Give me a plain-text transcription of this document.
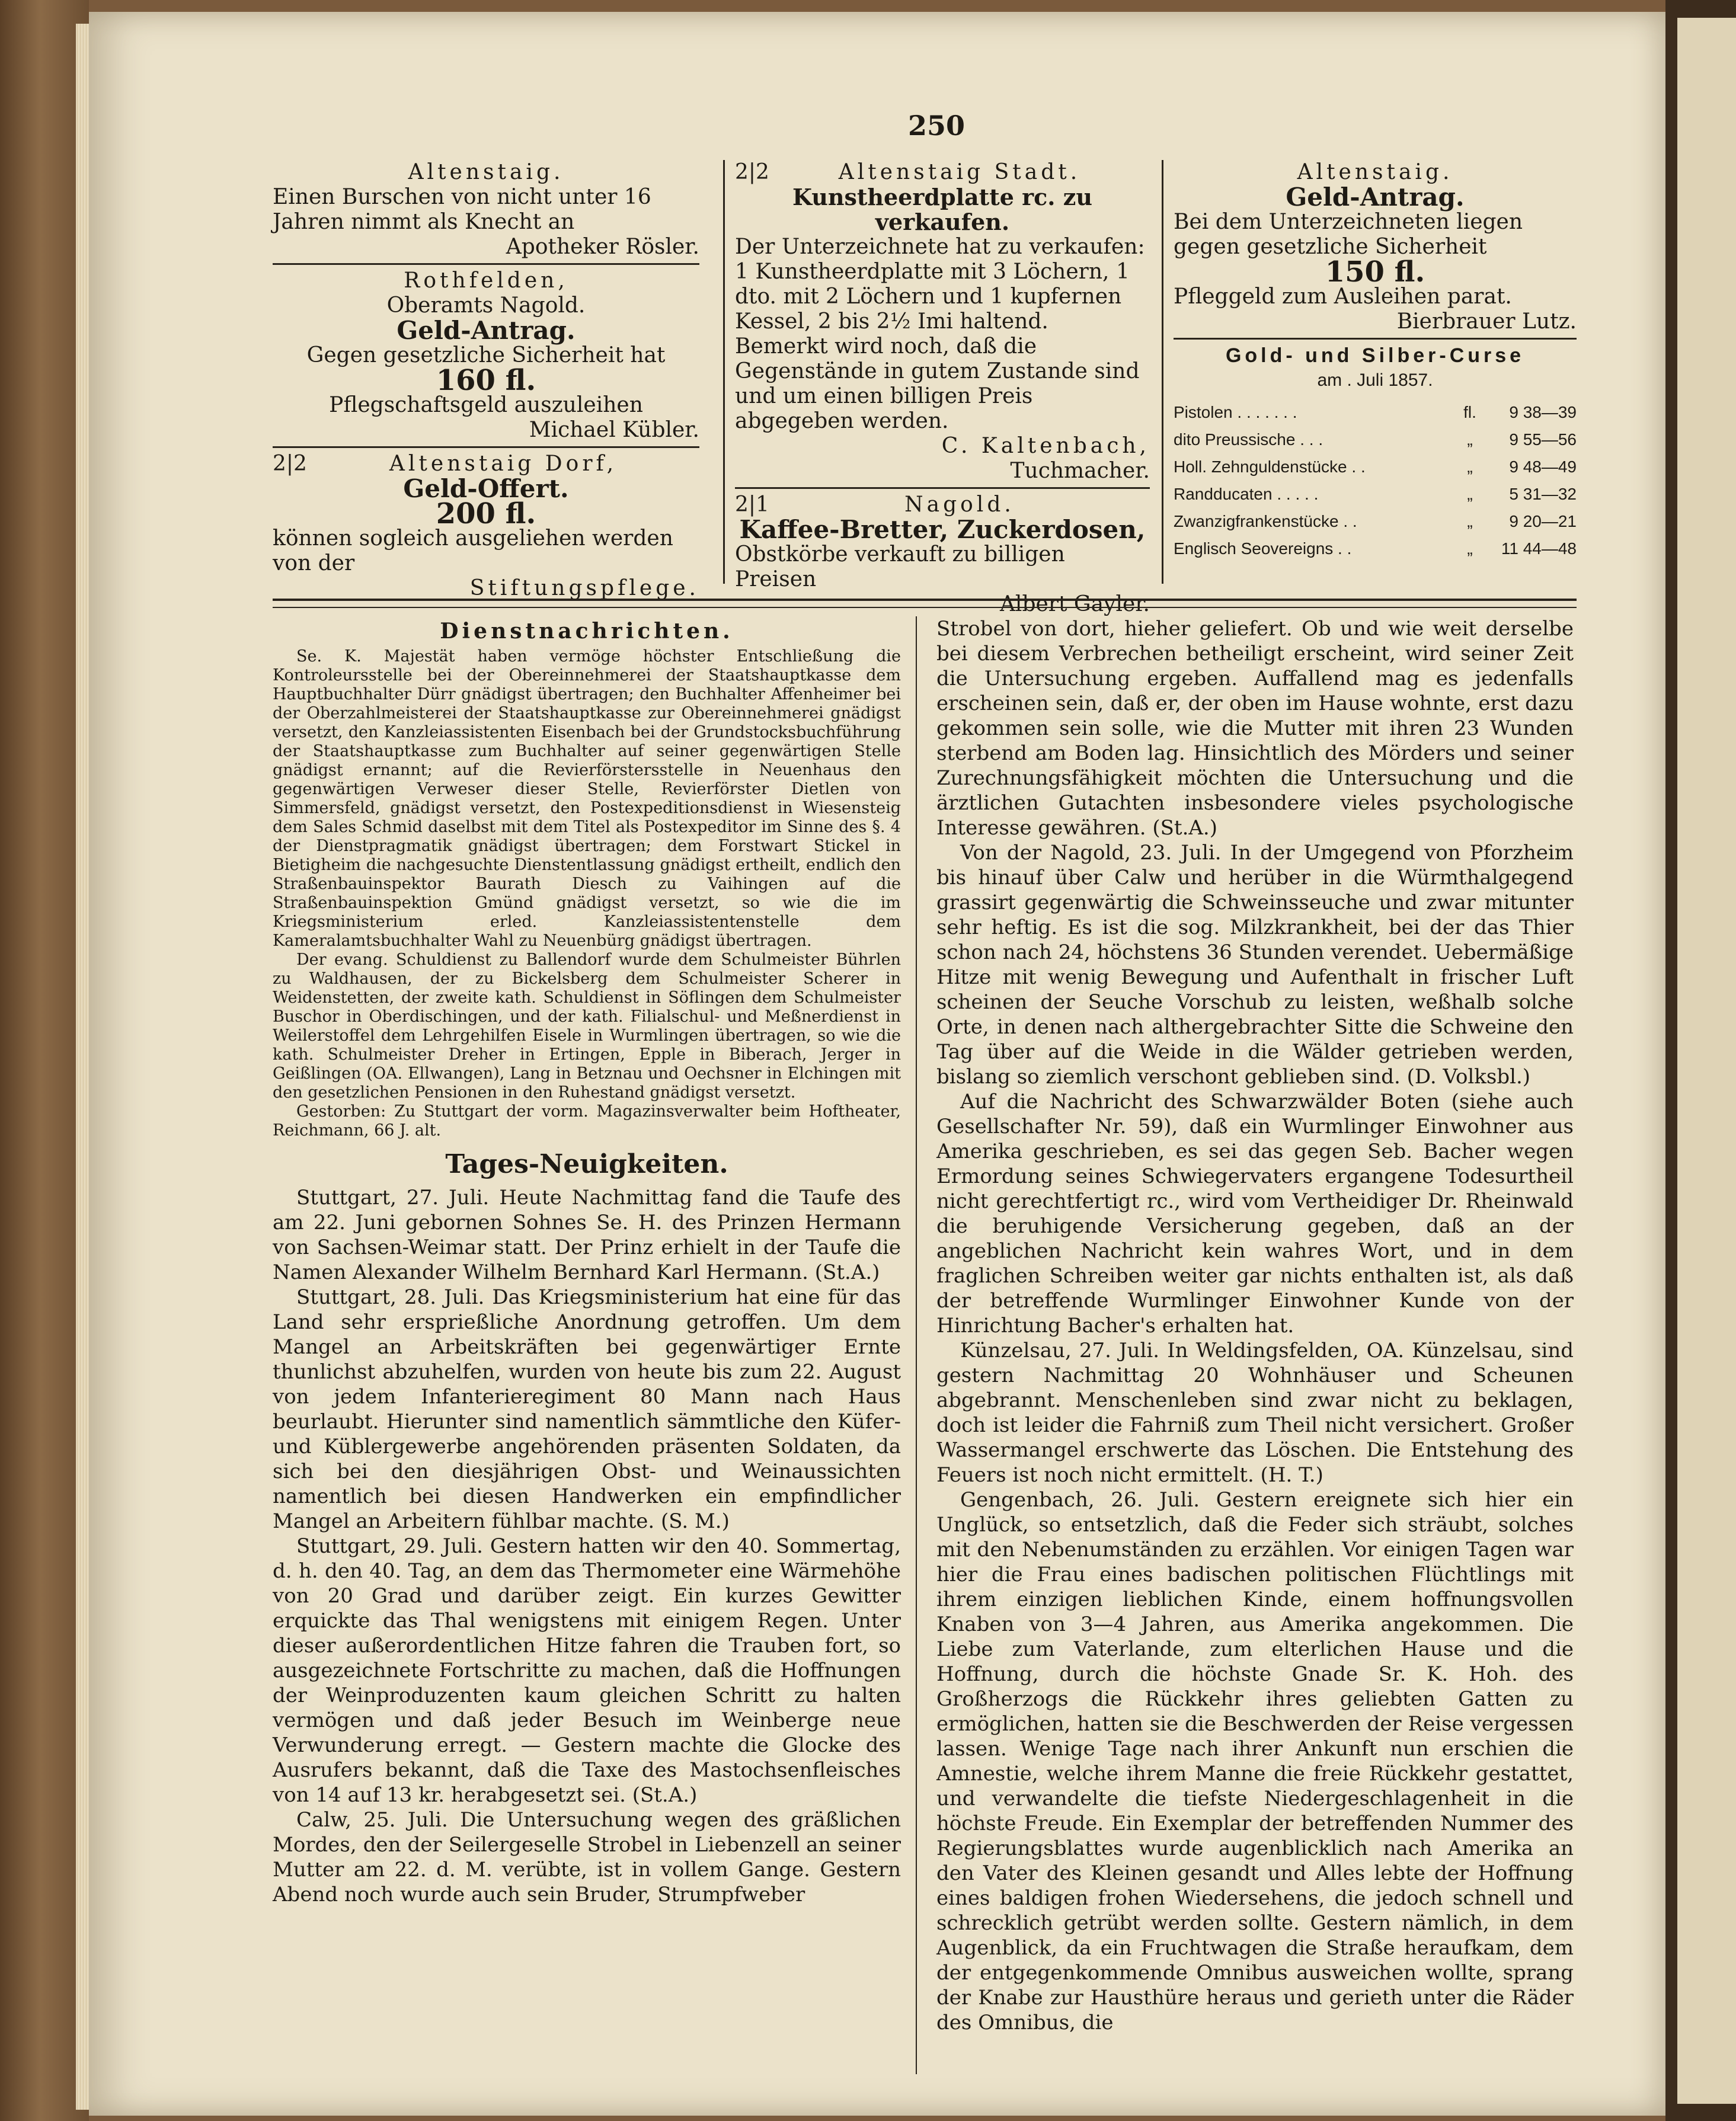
250
Altenstaig.
Einen Burschen von nicht unter 16 Jahren nimmt als Knecht an
Apotheker Rösler.
Rothfelden,
Oberamts Nagold.
Geld-Antrag.
Gegen gesetzliche Sicherheit hat
160 fl.
Pflegschaftsgeld auszuleihen
Michael Kübler.
2|2	Altenstaig Dorf,
Geld-Offert.
200 fl.
können sogleich ausgeliehen werden von der
Stiftungspflege.
2|2	Altenstaig Stadt.
Kunstheerdplatte rc. zu verkaufen.
Der Unterzeichnete hat zu verkaufen: 1 Kunstheerdplatte mit 3 Löchern, 1 dto. mit 2 Löchern und 1 kupfernen Kessel, 2 bis 2½ Imi haltend.
Bemerkt wird noch, daß die Gegenstände in gutem Zustande sind und um einen billigen Preis abgegeben werden.
C. Kaltenbach,
Tuchmacher.
2|1	Nagold.
Kaffee-Bretter, Zuckerdosen,
Obstkörbe verkauft zu billigen Preisen
Albert Gayler.
Altenstaig.
Geld-Antrag.
Bei dem Unterzeichneten liegen gegen gesetzliche Sicherheit
150 fl.
Pfleggeld zum Ausleihen parat.
Bierbrauer Lutz.
Gold- und Silber-Curse
am . Juli 1857.
Pistolen . . . . . . .	fl.	9 38—39
dito Preussische . . .	„	9 55—56
Holl. Zehnguldenstücke . .	„	9 48—49
Randducaten . . . . .	„	5 31—32
Zwanzigfrankenstücke . .	„	9 20—21
Englisch Seovereigns . .	„	11 44—48
Dienstnachrichten.

Se. K. Majestät haben vermöge höchster Entschließung die Kontroleursstelle bei der Obereinnehmerei der Staatshauptkasse dem Hauptbuchhalter Dürr gnädigst übertragen; den Buchhalter Affenheimer bei der Oberzahlmeisterei der Staatshauptkasse zur Obereinnehmerei gnädigst versetzt, den Kanzleiassistenten Eisenbach bei der Grundstocksbuchführung der Staatshauptkasse zum Buchhalter auf seiner gegenwärtigen Stelle gnädigst ernannt; auf die Revierförstersstelle in Neuenhaus den gegenwärtigen Verweser dieser Stelle, Revierförster Dietlen von Simmersfeld, gnädigst versetzt, den Postexpeditionsdienst in Wiesensteig dem Sales Schmid daselbst mit dem Titel als Postexpeditor im Sinne des §. 4 der Dienstpragmatik gnädigst übertragen; dem Forstwart Stickel in Bietigheim die nachgesuchte Dienstentlassung gnädigst ertheilt, endlich den Straßenbauinspektor Baurath Diesch zu Vaihingen auf die Straßenbauinspektion Gmünd gnädigst versetzt, so wie die im Kriegsministerium erled. Kanzleiassistentenstelle dem Kameralamtsbuchhalter Wahl zu Neuenbürg gnädigst übertragen.

Der evang. Schuldienst zu Ballendorf wurde dem Schulmeister Bührlen zu Waldhausen, der zu Bickelsberg dem Schulmeister Scherer in Weidenstetten, der zweite kath. Schuldienst in Söflingen dem Schulmeister Buschor in Oberdischingen, und der kath. Filialschul- und Meßnerdienst in Weilerstoffel dem Lehrgehilfen Eisele in Wurmlingen übertragen, so wie die kath. Schulmeister Dreher in Ertingen, Epple in Biberach, Jerger in Geißlingen (OA. Ellwangen), Lang in Betznau und Oechsner in Elchingen mit den gesetzlichen Pensionen in den Ruhestand gnädigst versetzt.

Gestorben: Zu Stuttgart der vorm. Magazinsverwalter beim Hoftheater, Reichmann, 66 J. alt.

Tages-Neuigkeiten.

Stuttgart, 27. Juli. Heute Nachmittag fand die Taufe des am 22. Juni gebornen Sohnes Se. H. des Prinzen Hermann von Sachsen-Weimar statt. Der Prinz erhielt in der Taufe die Namen Alexander Wilhelm Bernhard Karl Hermann. (St.A.)

Stuttgart, 28. Juli. Das Kriegsministerium hat eine für das Land sehr ersprießliche Anordnung getroffen. Um dem Mangel an Arbeitskräften bei gegenwärtiger Ernte thunlichst abzuhelfen, wurden von heute bis zum 22. August von jedem Infanterieregiment 80 Mann nach Haus beurlaubt. Hierunter sind namentlich sämmtliche den Küfer- und Küblergewerbe angehörenden präsenten Soldaten, da sich bei den diesjährigen Obst- und Weinaussichten namentlich bei diesen Handwerken ein empfindlicher Mangel an Arbeitern fühlbar machte. (S. M.)

Stuttgart, 29. Juli. Gestern hatten wir den 40. Sommertag, d. h. den 40. Tag, an dem das Thermometer eine Wärmehöhe von 20 Grad und darüber zeigt. Ein kurzes Gewitter erquickte das Thal wenigstens mit einigem Regen. Unter dieser außerordentlichen Hitze fahren die Trauben fort, so ausgezeichnete Fortschritte zu machen, daß die Hoffnungen der Weinproduzenten kaum gleichen Schritt zu halten vermögen und daß jeder Besuch im Weinberge neue Verwunderung erregt. — Gestern machte die Glocke des Ausrufers bekannt, daß die Taxe des Mastochsenfleisches von 14 auf 13 kr. herabgesetzt sei. (St.A.)

Calw, 25. Juli. Die Untersuchung wegen des gräßlichen Mordes, den der Seilergeselle Strobel in Liebenzell an seiner Mutter am 22. d. M. verübte, ist in vollem Gange. Gestern Abend noch wurde auch sein Bruder, Strumpfweber

Strobel von dort, hieher geliefert. Ob und wie weit derselbe bei diesem Verbrechen betheiligt erscheint, wird seiner Zeit die Untersuchung ergeben. Auffallend mag es jedenfalls erscheinen sein, daß er, der oben im Hause wohnte, erst dazu gekommen sein solle, wie die Mutter mit ihren 23 Wunden sterbend am Boden lag. Hinsichtlich des Mörders und seiner Zurechnungsfähigkeit möchten die Untersuchung und die ärztlichen Gutachten insbesondere vieles psychologische Interesse gewähren. (St.A.)

Von der Nagold, 23. Juli. In der Umgegend von Pforzheim bis hinauf über Calw und herüber in die Würmthalgegend grassirt gegenwärtig die Schweinsseuche und zwar mitunter sehr heftig. Es ist die sog. Milzkrankheit, bei der das Thier schon nach 24, höchstens 36 Stunden verendet. Uebermäßige Hitze mit wenig Bewegung und Aufenthalt in frischer Luft scheinen der Seuche Vorschub zu leisten, weßhalb solche Orte, in denen nach althergebrachter Sitte die Schweine den Tag über auf die Weide in die Wälder getrieben werden, bislang so ziemlich verschont geblieben sind. (D. Volksbl.)

Auf die Nachricht des Schwarzwälder Boten (siehe auch Gesellschafter Nr. 59), daß ein Wurmlinger Einwohner aus Amerika geschrieben, es sei das gegen Seb. Bacher wegen Ermordung seines Schwiegervaters ergangene Todesurtheil nicht gerechtfertigt rc., wird vom Vertheidiger Dr. Rheinwald die beruhigende Versicherung gegeben, daß an der angeblichen Nachricht kein wahres Wort, und in dem fraglichen Schreiben weiter gar nichts enthalten ist, als daß der betreffende Wurmlinger Einwohner Kunde von der Hinrichtung Bacher's erhalten hat.

Künzelsau, 27. Juli. In Weldingsfelden, OA. Künzelsau, sind gestern Nachmittag 20 Wohnhäuser und Scheunen abgebrannt. Menschenleben sind zwar nicht zu beklagen, doch ist leider die Fahrniß zum Theil nicht versichert. Großer Wassermangel erschwerte das Löschen. Die Entstehung des Feuers ist noch nicht ermittelt. (H. T.)

Gengenbach, 26. Juli. Gestern ereignete sich hier ein Unglück, so entsetzlich, daß die Feder sich sträubt, solches mit den Nebenumständen zu erzählen. Vor einigen Tagen war hier die Frau eines badischen politischen Flüchtlings mit ihrem einzigen lieblichen Kinde, einem hoffnungsvollen Knaben von 3—4 Jahren, aus Amerika angekommen. Die Liebe zum Vaterlande, zum elterlichen Hause und die Hoffnung, durch die höchste Gnade Sr. K. Hoh. des Großherzogs die Rückkehr ihres geliebten Gatten zu ermöglichen, hatten sie die Beschwerden der Reise vergessen lassen. Wenige Tage nach ihrer Ankunft nun erschien die Amnestie, welche ihrem Manne die freie Rückkehr gestattet, und verwandelte die tiefste Niedergeschlagenheit in die höchste Freude. Ein Exemplar der betreffenden Nummer des Regierungsblattes wurde augenblicklich nach Amerika an den Vater des Kleinen gesandt und Alles lebte der Hoffnung eines baldigen frohen Wiedersehens, die jedoch schnell und schrecklich getrübt werden sollte. Gestern nämlich, in dem Augenblick, da ein Fruchtwagen die Straße heraufkam, dem der entgegenkommende Omnibus ausweichen wollte, sprang der Knabe zur Hausthüre heraus und gerieth unter die Räder des Omnibus, die
